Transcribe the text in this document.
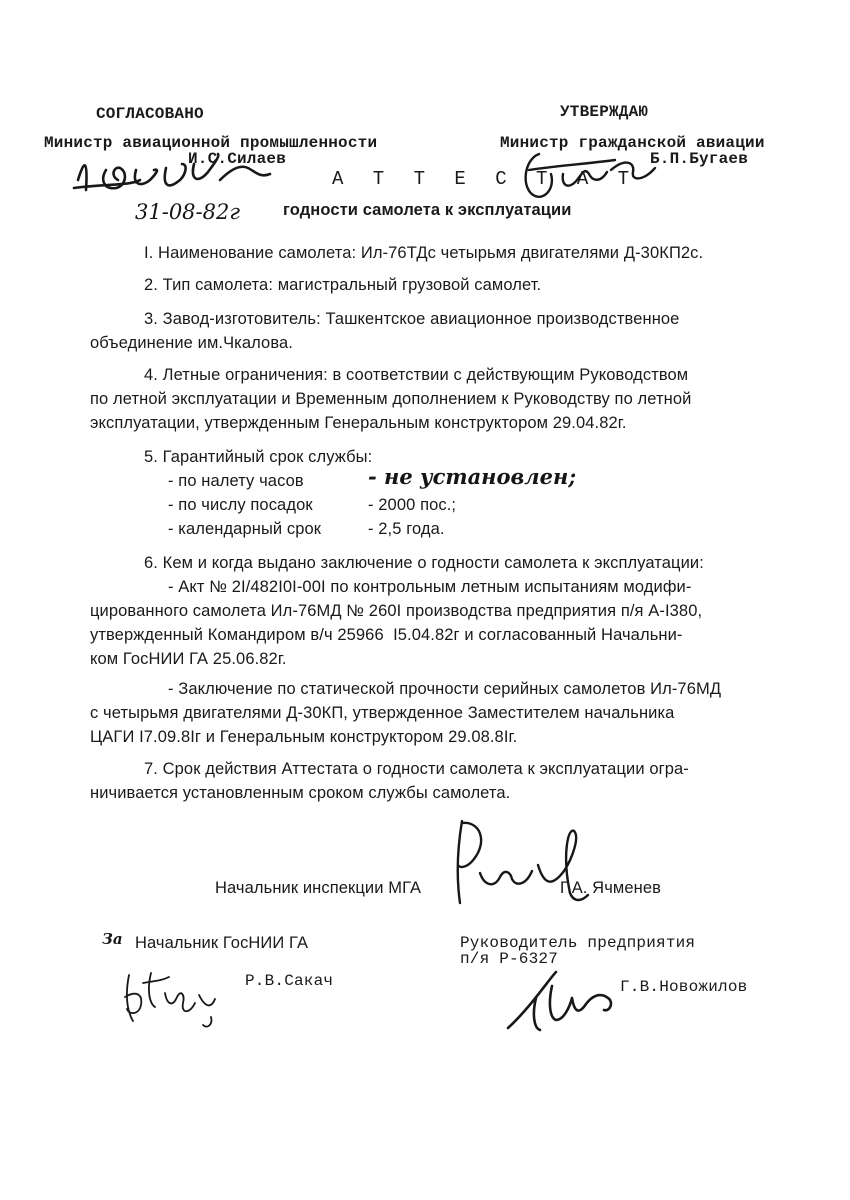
СОГЛАСОВАНО
Министр авиационной промышленности
И.С.Силаев
31-08-82г
УТВЕРЖДАЮ
Министр гражданской авиации
Б.П.Бугаев
А Т Т Е С Т А Т
годности самолета к эксплуатации
I. Наименование самолета: Ил-76ТДс четырьмя двигателями Д-30КП2с.
2. Тип самолета: магистральный грузовой самолет.
3. Завод-изготовитель: Ташкентское авиационное производственное
объединение им.Чкалова.
4. Летные ограничения: в соответствии с действующим Руководством
по летной эксплуатации и Временным дополнением к Руководству по летной
эксплуатации, утвержденным Генеральным конструктором 29.04.82г.
5. Гарантийный срок службы:
- по налету часов	- не установлен;
- по числу посадок	- 2000 пос.;
- календарный срок	- 2,5 года.
6. Кем и когда выдано заключение о годности самолета к эксплуатации:
- Акт № 2I/482I0I-00I по контрольным летным испытаниям модифи-
цированного самолета Ил-76МД № 260I производства предприятия п/я А-I380,
утвержденный Командиром в/ч 25966  I5.04.82г и согласованный Начальни-
ком ГосНИИ ГА 25.06.82г.
- Заключение по статической прочности серийных самолетов Ил-76МД
с четырьмя двигателями Д-30КП, утвержденное Заместителем начальника
ЦАГИ I7.09.8Iг и Генеральным конструктором 29.08.8Iг.
7. Срок действия Аттестата о годности самолета к эксплуатации огра-
ничивается установленным сроком службы самолета.
Начальник инспекции МГА	Г.А. Ячменев
За Начальник ГосНИИ ГА
Р.В.Сакач
Руководитель предприятия
п/я Р-6327
Г.В.Новожилов
